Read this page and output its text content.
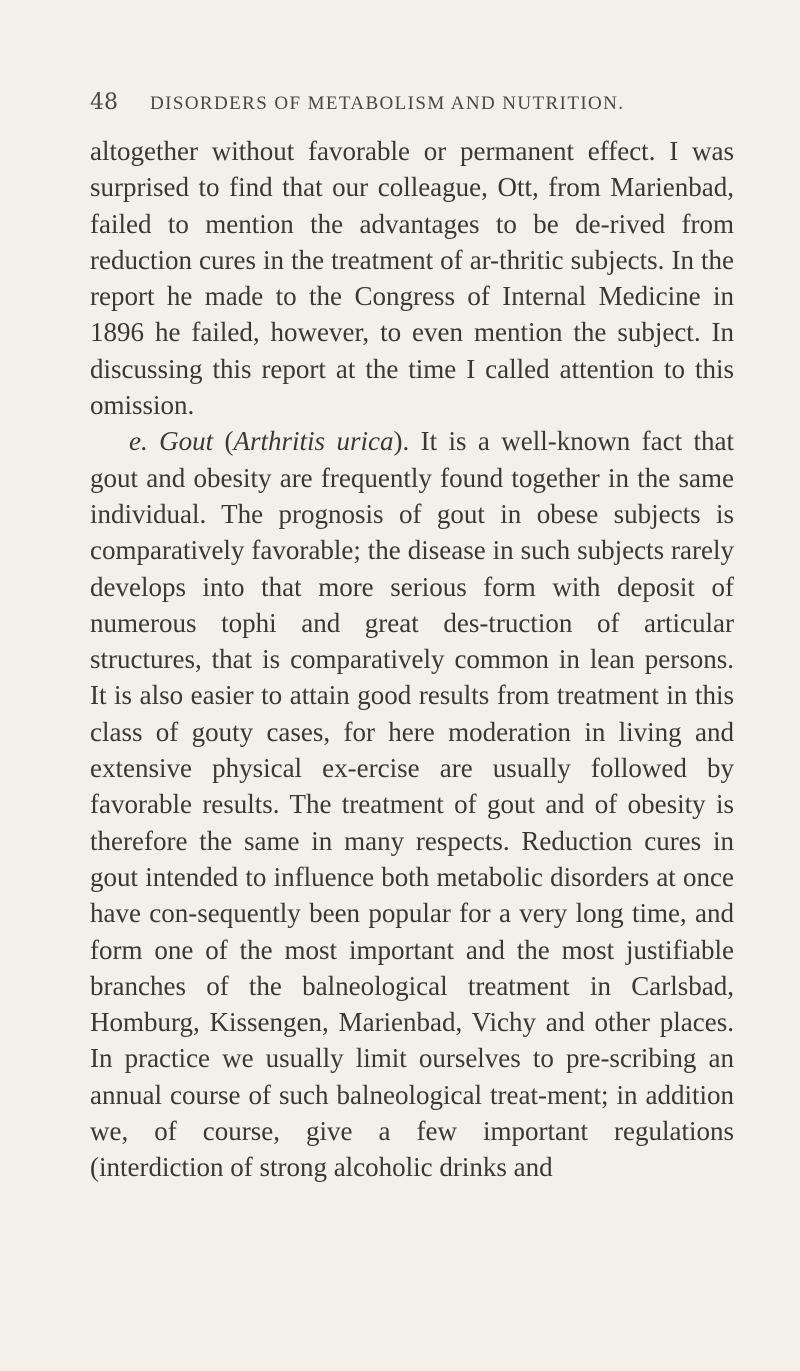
48	DISORDERS OF METABOLISM AND NUTRITION.

altogether without favorable or permanent effect. I was surprised to find that our colleague, Ott, from Marienbad, failed to mention the advantages to be de-rived from reduction cures in the treatment of ar-thritic subjects. In the report he made to the Congress of Internal Medicine in 1896 he failed, however, to even mention the subject. In discussing this report at the time I called attention to this omission.

e. Gout (Arthritis urica). It is a well-known fact that gout and obesity are frequently found together in the same individual. The prognosis of gout in obese subjects is comparatively favorable; the disease in such subjects rarely develops into that more serious form with deposit of numerous tophi and great des-truction of articular structures, that is comparatively common in lean persons. It is also easier to attain good results from treatment in this class of gouty cases, for here moderation in living and extensive physical ex-ercise are usually followed by favorable results. The treatment of gout and of obesity is therefore the same in many respects. Reduction cures in gout intended to influence both metabolic disorders at once have con-sequently been popular for a very long time, and form one of the most important and the most justifiable branches of the balneological treatment in Carlsbad, Homburg, Kissengen, Marienbad, Vichy and other places. In practice we usually limit ourselves to pre-scribing an annual course of such balneological treat-ment; in addition we, of course, give a few important regulations (interdiction of strong alcoholic drinks and
